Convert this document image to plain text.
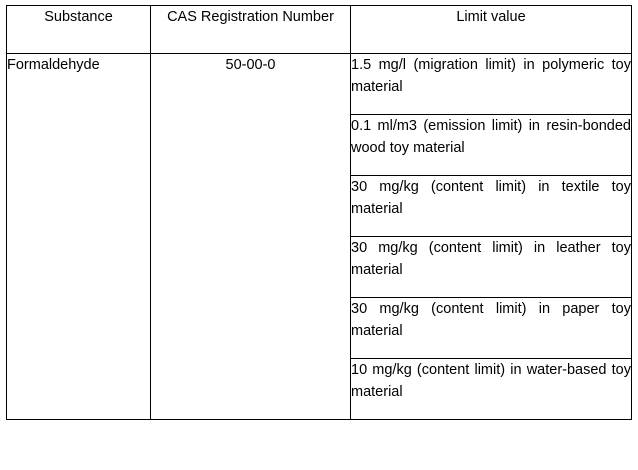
Substance	CAS Registration Number	Limit value
Formaldehyde	50-00-0	1.5 mg/l (migration limit) in polymeric toy material
		0.1 ml/m3 (emission limit) in resin-bonded wood toy material
		30 mg/kg (content limit) in textile toy material
		30 mg/kg (content limit) in leather toy material
		30 mg/kg (content limit) in paper toy material
		10 mg/kg (content limit) in water-based toy material
